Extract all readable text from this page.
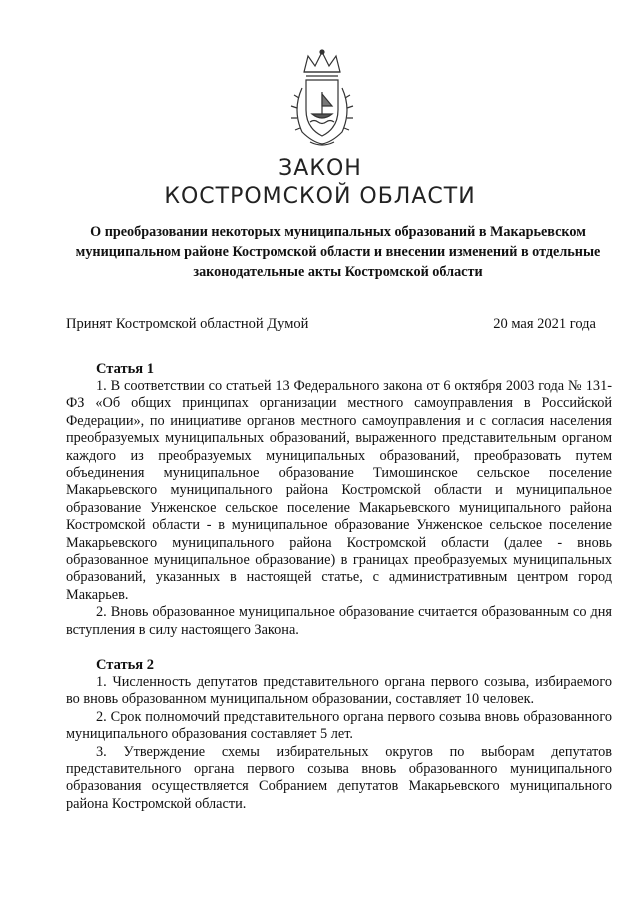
ЗАКОН
КОСТРОМСКОЙ ОБЛАСТИ
О преобразовании некоторых муниципальных образований в Макарьевском муниципальном районе Костромской области и внесении изменений в отдельные законодательные акты Костромской области
Принят Костромской областной Думой	20 мая 2021 года
Статья 1

1. В соответствии со статьей 13 Федерального закона от 6 октября 2003 года № 131-ФЗ «Об общих принципах организации местного самоуправления в Российской Федерации», по инициативе органов местного самоуправления и с согласия населения преобразуемых муниципальных образований, выраженного представительным органом каждого из преобразуемых муниципальных образований, преобразовать путем объединения муниципальное образование Тимошинское сельское поселение Макарьевского муниципального района Костромской области и муниципальное образование Унженское сельское поселение Макарьевского муниципального района Костромской области - в муниципальное образование Унженское сельское поселение Макарьевского муниципального района Костромской области (далее - вновь образованное муниципальное образование) в границах преобразуемых муниципальных образований, указанных в настоящей статье, с административным центром город Макарьев.

2. Вновь образованное муниципальное образование считается образованным со дня вступления в силу настоящего Закона.

Статья 2

1. Численность депутатов представительного органа первого созыва, избираемого во вновь образованном муниципальном образовании, составляет 10 человек.

2. Срок полномочий представительного органа первого созыва вновь образованного муниципального образования составляет 5 лет.

3. Утверждение схемы избирательных округов по выборам депутатов представительного органа первого созыва вновь образованного муниципального образования осуществляется Собранием депутатов Макарьевского муниципального района Костромской области.
